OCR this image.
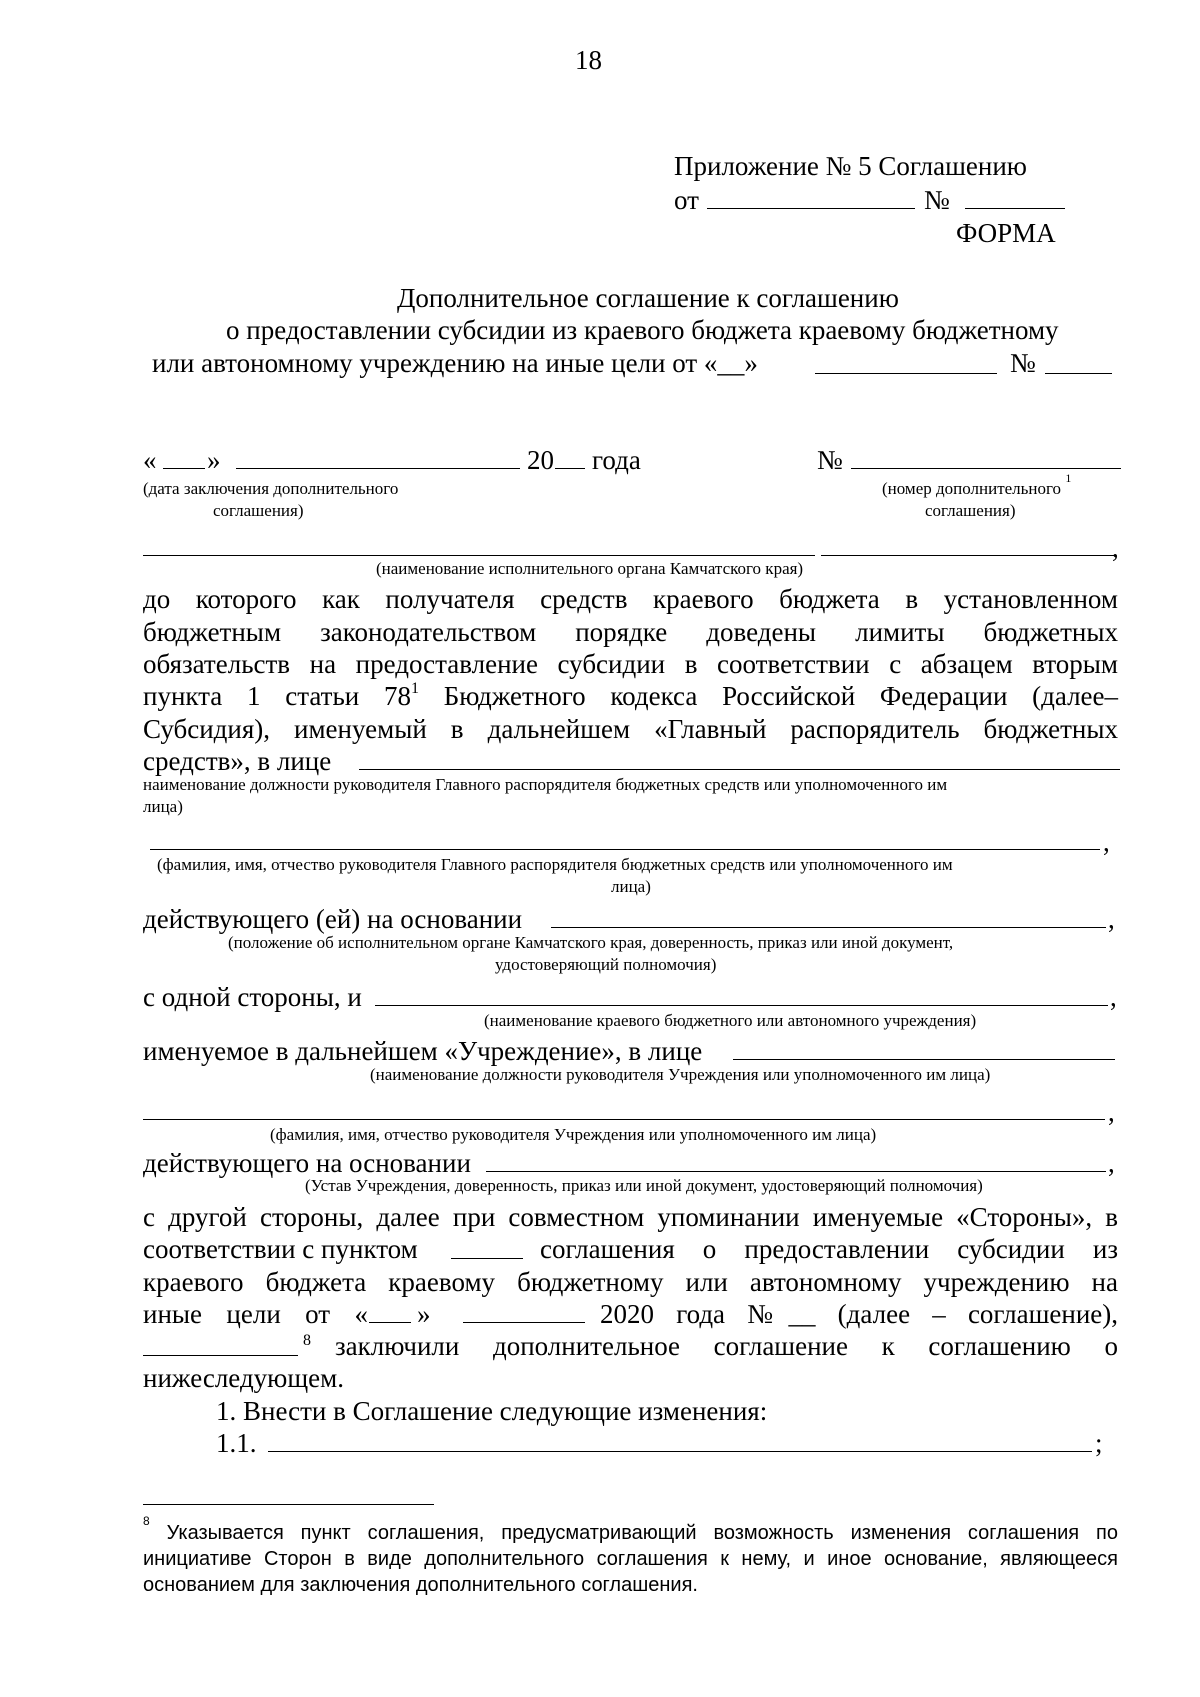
18
Приложение № 5 Соглашению
от	№
ФОРМА
Дополнительное соглашение к соглашению
о предоставлении субсидии из краевого бюджета краевому бюджетному
или автономному учреждению на иные цели от «__»	№
« »	20 года	№
(дата заключения дополнительного
соглашения)
(номер дополнительного $^1$
соглашения)
,
(наименование исполнительного органа Камчатского края)
до которого как получателя средств краевого бюджета в установленном
бюджетным законодательством порядке доведены лимиты бюджетных
обязательств на предоставление субсидии в соответствии с абзацем вторым
пункта 1 статьи $78^1$ Бюджетного кодекса Российской Федерации (далее–
Субсидия), именуемый в дальнейшем «Главный распорядитель бюджетных
средств», в лице
наименование должности руководителя Главного распорядителя бюджетных средств или уполномоченного им
лица)
,
(фамилия, имя, отчество руководителя Главного распорядителя бюджетных средств или уполномоченного им
лица)
действующего (ей) на основании	,
(положение об исполнительном органе Камчатского края, доверенность, приказ или иной документ,
удостоверяющий полномочия)
с одной стороны, и	,
(наименование краевого бюджетного или автономного учреждения)
именуемое в дальнейшем «Учреждение», в лице
(наименование должности руководителя Учреждения или уполномоченного им лица)
,
(фамилия, имя, отчество руководителя Учреждения или уполномоченного им лица)
действующего на основании	,
(Устав Учреждения, доверенность, приказ или иной документ, удостоверяющий полномочия)
с другой стороны, далее при совместном упоминании именуемые «Стороны», в
соответствии с пунктом	соглашения о предоставлении субсидии из
краевого бюджета краевому бюджетному или автономному учреждению на
иные цели от « »	2020 года №__ (далее – соглашение),
8 заключили дополнительное соглашение к соглашению о
нижеследующем.
1. Внести в Соглашение следующие изменения:
1.1.	;
$^8$ Указывается пункт соглашения, предусматривающий возможность изменения соглашения по инициативе Сторон в виде дополнительного соглашения к нему, и иное основание, являющееся основанием для заключения дополнительного соглашения.
